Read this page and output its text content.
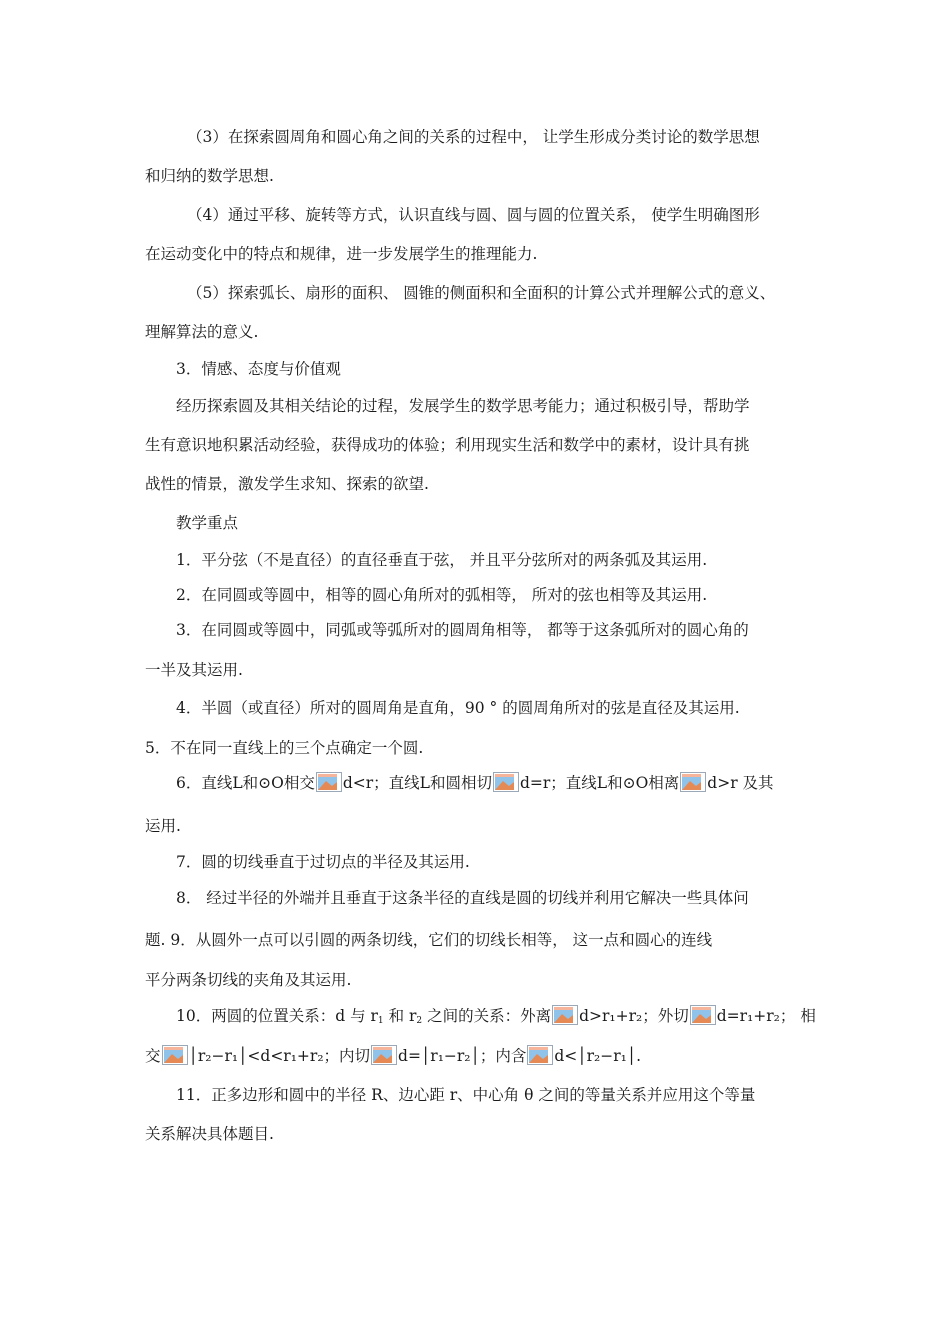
（3）在探索圆周角和圆心角之间的关系的过程中， 让学生形成分类讨论的数学思想
和归纳的数学思想.
（4）通过平移、旋转等方式，认识直线与圆、圆与圆的位置关系， 使学生明确图形
在运动变化中的特点和规律，进一步发展学生的推理能力.
（5）探索弧长、扇形的面积、 圆锥的侧面积和全面积的计算公式并理解公式的意义、
理解算法的意义.
3．情感、态度与价值观
经历探索圆及其相关结论的过程，发展学生的数学思考能力；通过积极引导，帮助学
生有意识地积累活动经验，获得成功的体验；利用现实生活和数学中的素材，设计具有挑
战性的情景，激发学生求知、探索的欲望.
教学重点
1．平分弦（不是直径）的直径垂直于弦， 并且平分弦所对的两条弧及其运用.
2．在同圆或等圆中，相等的圆心角所对的弧相等， 所对的弦也相等及其运用.
3．在同圆或等圆中，同弧或等弧所对的圆周角相等， 都等于这条弧所对的圆心角的
一半及其运用.
4．半圆（或直径）所对的圆周角是直角，90 ° 的圆周角所对的弦是直径及其运用.
5．不在同一直线上的三个点确定一个圆.
6．直线L和⊙O相交 d<r；直线L和圆相切 d=r；直线L和⊙O相离 d>r 及其
运用.
7．圆的切线垂直于过切点的半径及其运用.
8． 经过半径的外端并且垂直于这条半径的直线是圆的切线并利用它解决一些具体问
题. 9．从圆外一点可以引圆的两条切线，它们的切线长相等， 这一点和圆心的连线
平分两条切线的夹角及其运用.
10．两圆的位置关系：d 与 $r_1$ 和 $r_2$ 之间的关系：外离 d>r₁+r₂；外切 d=r₁+r₂； 相
交 │r₂−r₁│<d<r₁+r₂；内切 d=│r₁−r₂│；内含 d<│r₂−r₁│.
11．正多边形和圆中的半径 R、边心距 r、中心角 θ 之间的等量关系并应用这个等量
关系解决具体题目.
